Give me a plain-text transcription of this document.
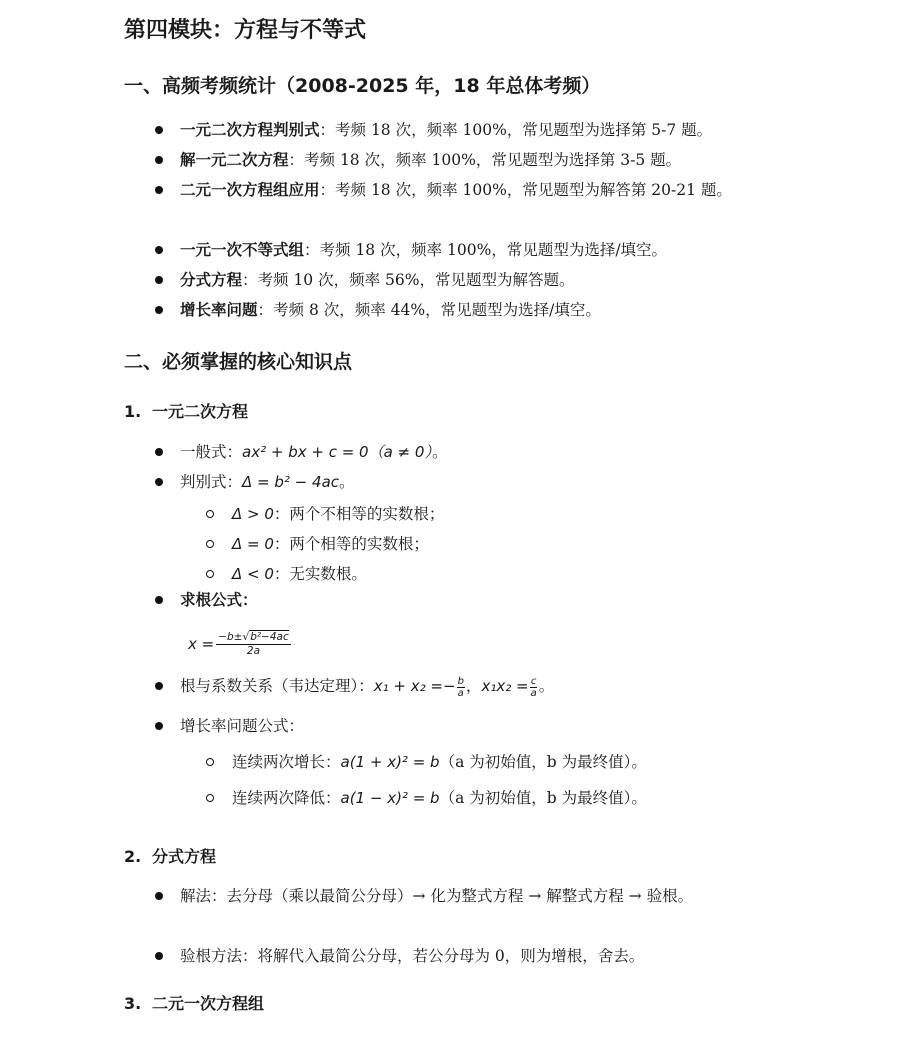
第四模块：方程与不等式
一、高频考频统计（2008-2025 年，18 年总体考频）
一元二次方程判别式：考频 18 次，频率 100%，常见题型为选择第 5-7 题。
解一元二次方程：考频 18 次，频率 100%，常见题型为选择第 3-5 题。
二元一次方程组应用：考频 18 次，频率 100%，常见题型为解答第 20-21 题。
一元一次不等式组：考频 18 次，频率 100%，常见题型为选择/填空。
分式方程：考频 10 次，频率 56%，常见题型为解答题。
增长率问题：考频 8 次，频率 44%，常见题型为选择/填空。
二、必须掌握的核心知识点
1. 一元二次方程
一般式：ax² + bx + c = 0（a ≠ 0）。
判别式：Δ = b² − 4ac。
Δ > 0：两个不相等的实数根；
Δ = 0：两个相等的实数根；
Δ < 0：无实数根。
求根公式：
$x = \frac{\text{−b±√b²−4ac}}{2a}$
根与系数关系（韦达定理）：$x_1 + x_2 =- \frac{b}{a}$ ，$x_1x_2 = \frac{c}{a}$ 。
增长率问题公式：
连续两次增长：a(1 + x)² = b（a 为初始值，b 为最终值）。
连续两次降低：a(1 − x)² = b（a 为初始值，b 为最终值）。
2. 分式方程
解法：去分母（乘以最简公分母）→ 化为整式方程 → 解整式方程 → 验根。
验根方法：将解代入最简公分母，若公分母为 0，则为增根，舍去。
3. 二元一次方程组
